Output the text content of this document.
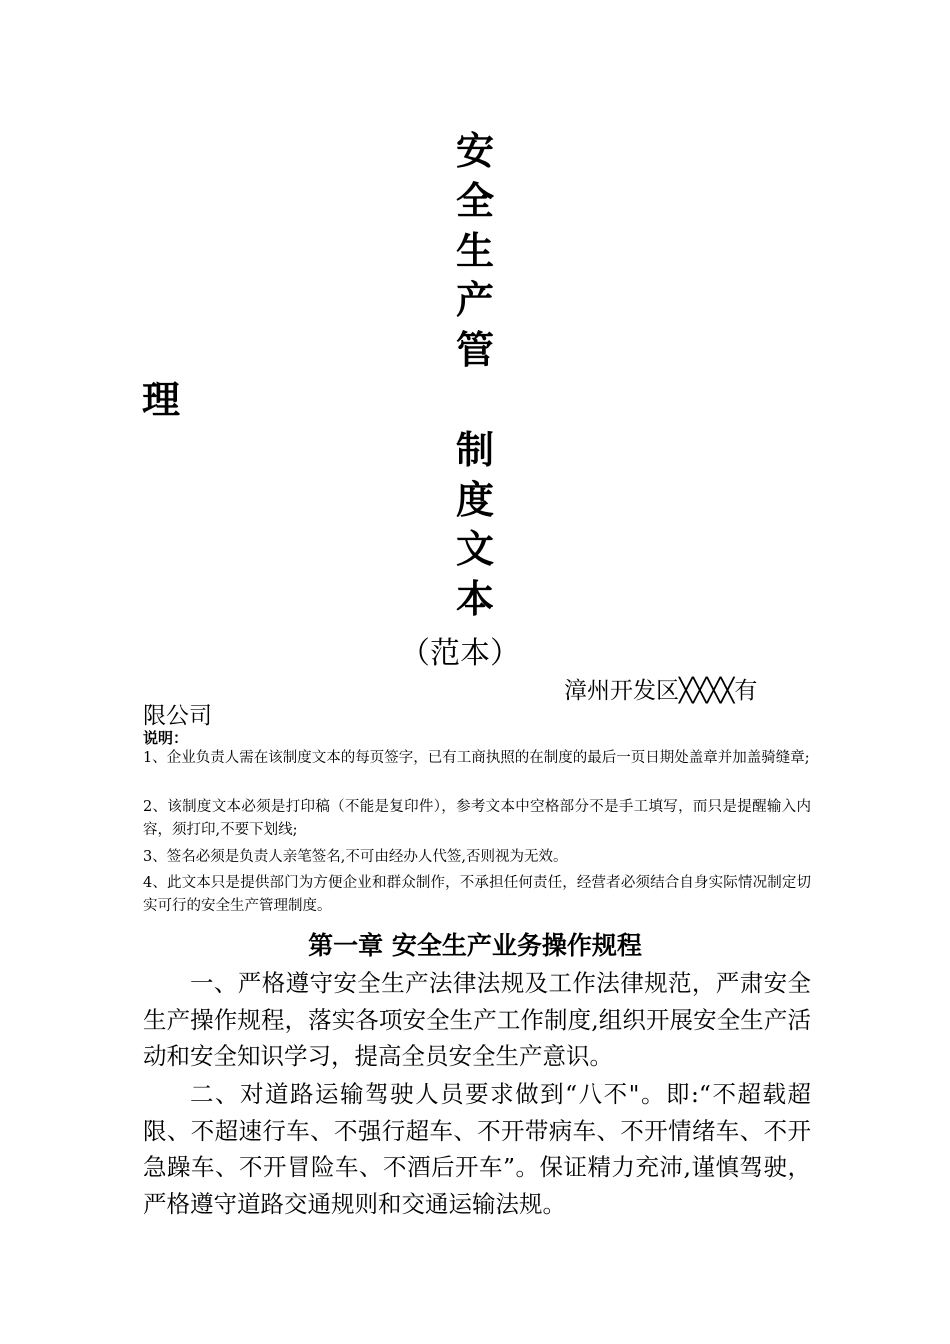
安
全
生
产
管
理
制
度
文
本
（范本）
漳州开发区╳╳╳╳有
限公司
说明：
1、企业负责人需在该制度文本的每页签字，已有工商执照的在制度的最后一页日期处盖章并加盖骑缝章;
2、该制度文本必须是打印稿（不能是复印件），参考文本中空格部分不是手工填写，而只是提醒输入内容，须打印,不要下划线;
3、签名必须是负责人亲笔签名,不可由经办人代签,否则视为无效。
4、此文本只是提供部门为方便企业和群众制作，不承担任何责任，经营者必须结合自身实际情况制定切实可行的安全生产管理制度。
第一章 安全生产业务操作规程
一、严格遵守安全生产法律法规及工作法律规范，严肃安全生产操作规程，落实各项安全生产工作制度,组织开展安全生产活动和安全知识学习，提高全员安全生产意识。
二、对道路运输驾驶人员要求做到“八不"。即:“不超载超限、不超速行车、不强行超车、不开带病车、不开情绪车、不开急躁车、不开冒险车、不酒后开车”。保证精力充沛,谨慎驾驶，严格遵守道路交通规则和交通运输法规。
